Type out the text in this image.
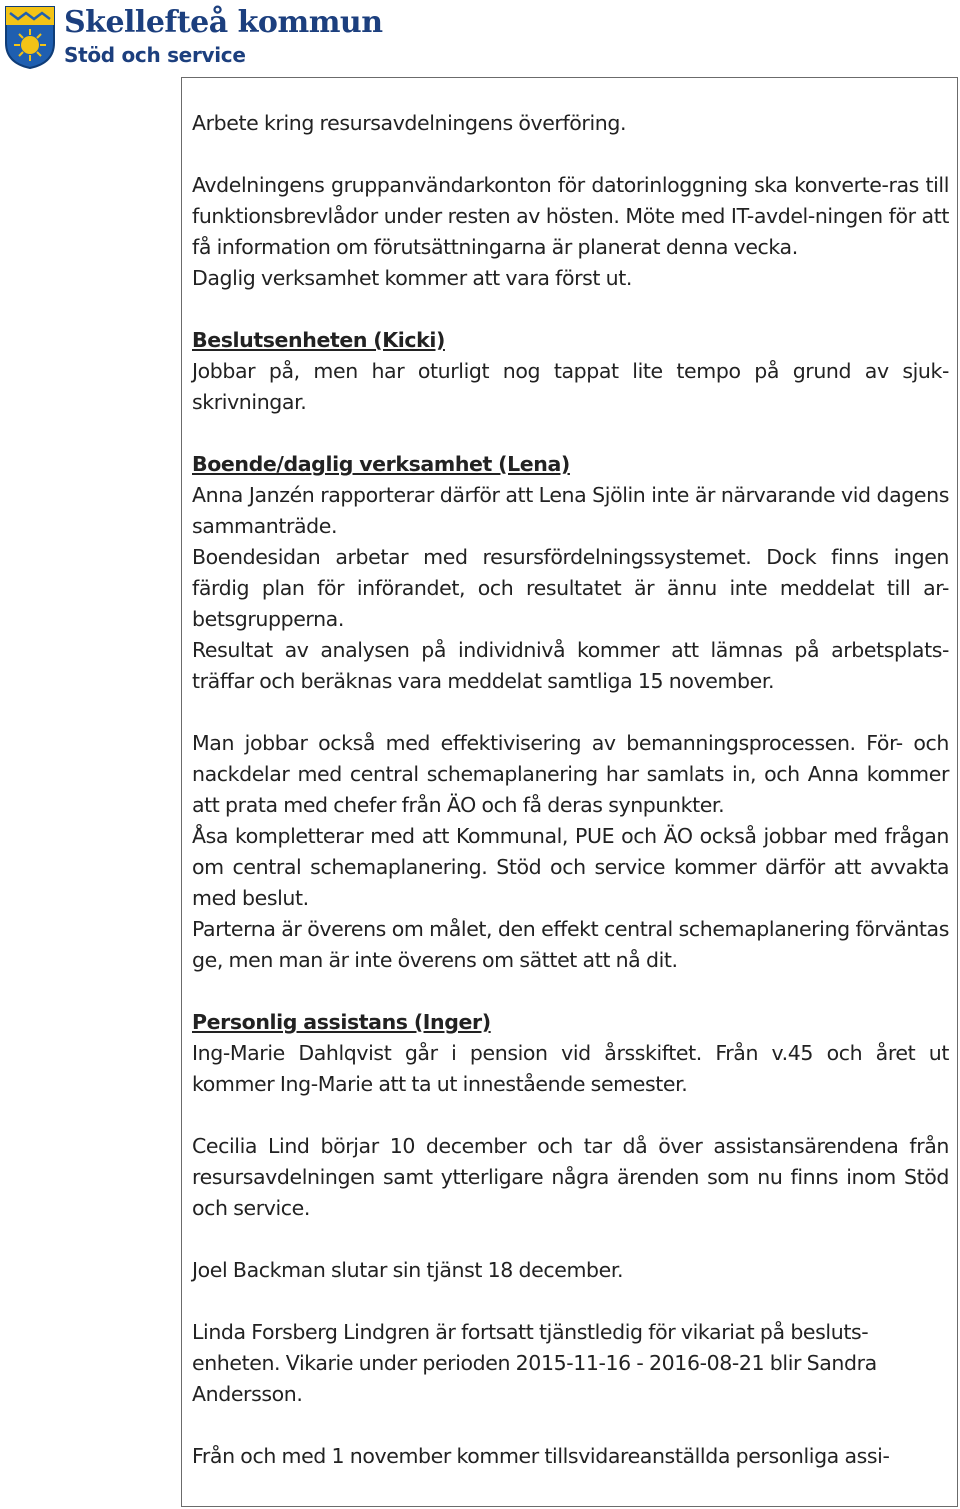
Skellefteå kommun
Stöd och service

Arbete kring resursavdelningens överföring.

Avdelningens gruppanvändarkonton för datorinloggning ska konverte-ras till funktionsbrevlådor under resten av hösten. Möte med IT-avdel-ningen för att få information om förutsättningarna är planerat denna vecka.

Daglig verksamhet kommer att vara först ut.

Beslutsenheten (Kicki)

Jobbar på, men har oturligt nog tappat lite tempo på grund av sjuk-skrivningar.

Boende/daglig verksamhet (Lena)

Anna Janzén rapporterar därför att Lena Sjölin inte är närvarande vid dagens sammanträde.

Boendesidan arbetar med resursfördelningssystemet. Dock finns ingen färdig plan för införandet, och resultatet är ännu inte meddelat till ar-betsgrupperna.

Resultat av analysen på individnivå kommer att lämnas på arbetsplats-träffar och beräknas vara meddelat samtliga 15 november.

Man jobbar också med effektivisering av bemanningsprocessen. För- och nackdelar med central schemaplanering har samlats in, och Anna kommer att prata med chefer från ÄO och få deras synpunkter.

Åsa kompletterar med att Kommunal, PUE och ÄO också jobbar med frågan om central schemaplanering. Stöd och service kommer därför att avvakta med beslut.

Parterna är överens om målet, den effekt central schemaplanering förväntas ge, men man är inte överens om sättet att nå dit.

Personlig assistans (Inger)

Ing-Marie Dahlqvist går i pension vid årsskiftet. Från v.45 och året ut kommer Ing-Marie att ta ut innestående semester.

Cecilia Lind börjar 10 december och tar då över assistansärendena från resursavdelningen samt ytterligare några ärenden som nu finns inom Stöd och service.

Joel Backman slutar sin tjänst 18 december.

Linda Forsberg Lindgren är fortsatt tjänstledig för vikariat på besluts-enheten. Vikarie under perioden 2015-11-16 - 2016-08-21 blir Sandra Andersson.

Från och med 1 november kommer tillsvidareanställda personliga assi-
